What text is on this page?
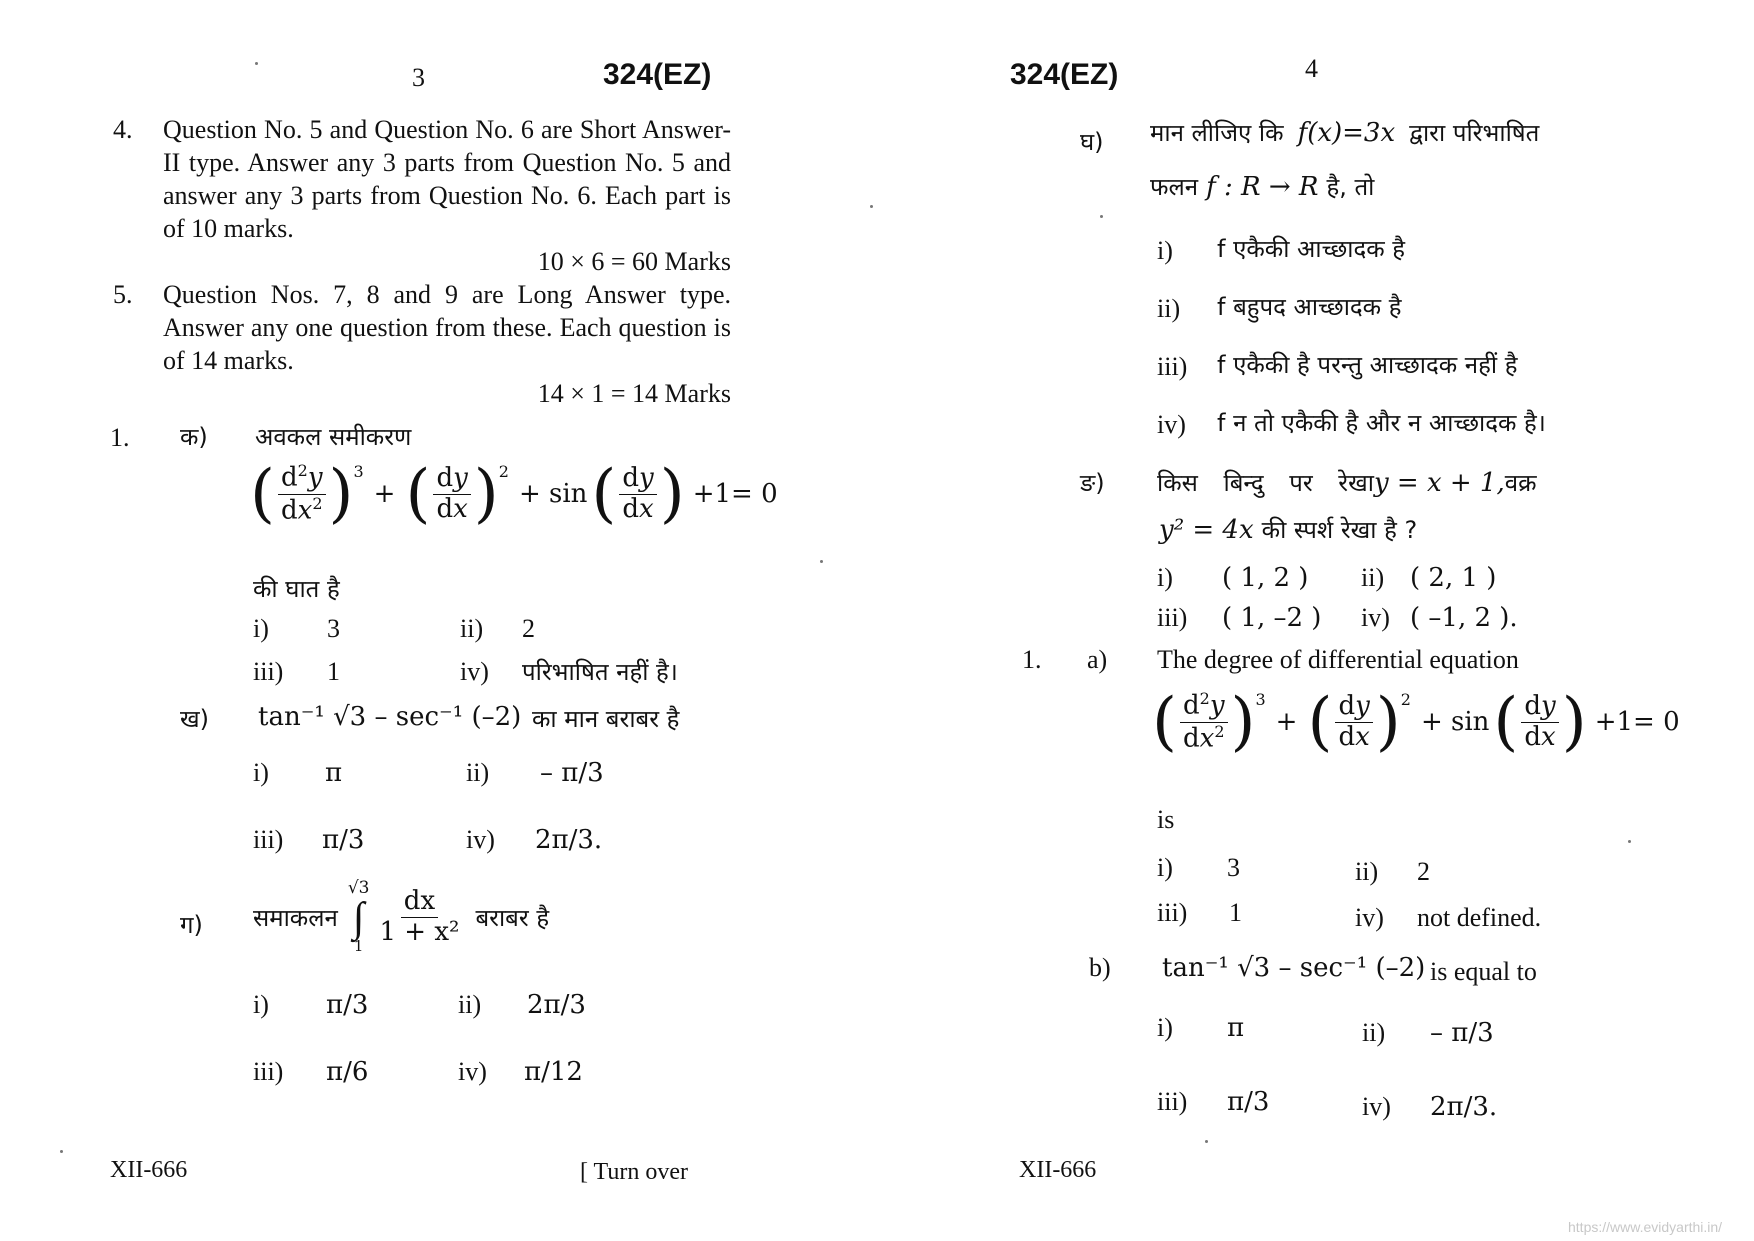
3	324(EZ)
4. Question No. 5 and Question No. 6 are Short Answer-II type. Answer any 3 parts from Question No. 5 and answer any 3 parts from Question No. 6. Each part is of 10 marks.
10 × 6 = 60 Marks
5. Question Nos. 7, 8 and 9 are Long Answer type. Answer any one question from these. Each question is of 14 marks.
14 × 1 = 14 Marks
1. क) अवकल समीकरण
( $\frac{d^2y}{dx^2}$ ) 3
+ ( $\frac{dy}{dx}$ ) 2
+ sin ( $\frac{dy}{dx}$ ) +1= 0
की घात है
i) 3	ii) 2
iii) 1	iv) परिभाषित नहीं है।
ख) tan⁻¹ √3 – sec⁻¹ (–2) का मान बराबर है
i) π	ii) – π/3
iii) π/3	iv) 2π/3.
ग) समाकलन
√3
∫
$1 \frac{dx}{\text{1 + x²}}$ बराबर है
i) π/3	ii) 2π/3
iii) π/6	iv) π/12
XII-666	[ Turn over
324(EZ)	4
घ) मान लीजिए कि f(x)=3x द्वारा परिभाषित
फलन f : R → R है, तो
i) f एकैकी आच्छादक है
ii) f बहुपद आच्छादक है
iii) f एकैकी है परन्तु आच्छादक नहीं है
iv) f न तो एकैकी है और न आच्छादक है।
ङ) किस बिन्दु पर रेखा y = x + 1, वक्र
y² = 4x की स्पर्श रेखा है ?
i) ( 1, 2 ) ii) ( 2, 1 )
iii) ( 1, –2 ) iv) ( –1, 2 ).
1. a) The degree of differential equation
( $\frac{d^2y}{dx^2}$ ) 3
+ ( $\frac{dy}{dx}$ ) 2
+ sin ( $\frac{dy}{dx}$ ) +1= 0
is
i) 3	ii) 2
iii) 1	iv) not defined.
b) tan⁻¹ √3 – sec⁻¹ (–2) is equal to
i) π	ii) – π/3
iii) π/3	iv) 2π/3.
XII-666
https://www.evidyarthi.in/
